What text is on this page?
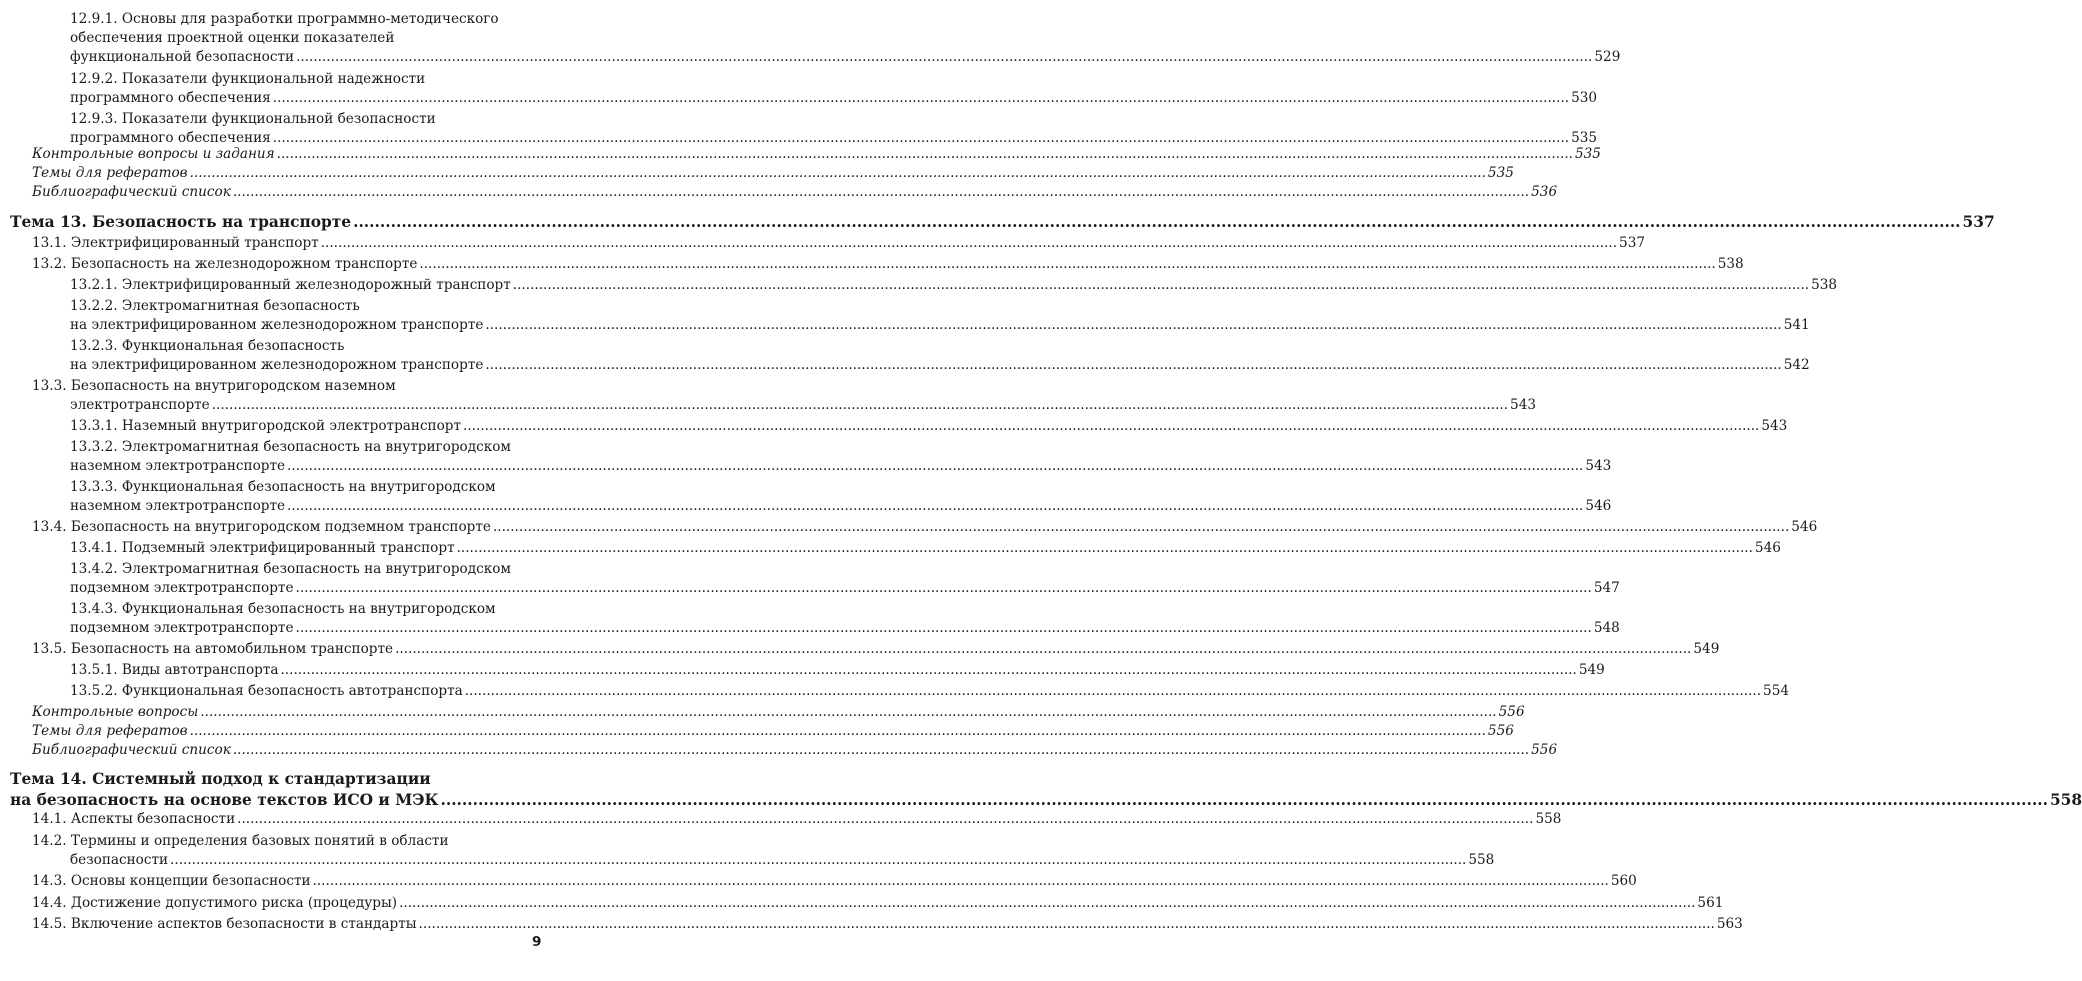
12.9.1. Основы для разработки программно-методического
обеспечения проектной оценки показателей
функциональной безопасности ............................................................................................................................................................................................................................................................................................................ 529
12.9.2. Показатели функциональной надежности
программного обеспечения ............................................................................................................................................................................................................................................................................................................ 530
12.9.3. Показатели функциональной безопасности
программного обеспечения ............................................................................................................................................................................................................................................................................................................ 535
Контрольные вопросы и задания ............................................................................................................................................................................................................................................................................................................ 535
Темы для рефератов ............................................................................................................................................................................................................................................................................................................ 535
Библиографический список ............................................................................................................................................................................................................................................................................................................ 536
Тема 13. Безопасность на транспорте ............................................................................................................................................................................................................................................................................................................ 537
13.1. Электрифицированный транспорт ............................................................................................................................................................................................................................................................................................................ 537
13.2. Безопасность на железнодорожном транспорте ............................................................................................................................................................................................................................................................................................................ 538
13.2.1. Электрифицированный железнодорожный транспорт ............................................................................................................................................................................................................................................................................................................ 538
13.2.2. Электромагнитная безопасность
на электрифицированном железнодорожном транспорте ............................................................................................................................................................................................................................................................................................................ 541
13.2.3. Функциональная безопасность
на электрифицированном железнодорожном транспорте ............................................................................................................................................................................................................................................................................................................ 542
13.3. Безопасность на внутригородском наземном
электротранспорте ............................................................................................................................................................................................................................................................................................................ 543
13.3.1. Наземный внутригородской электротранспорт ............................................................................................................................................................................................................................................................................................................ 543
13.3.2. Электромагнитная безопасность на внутригородском
наземном электротранспорте ............................................................................................................................................................................................................................................................................................................ 543
13.3.3. Функциональная безопасность на внутригородском
наземном электротранспорте ............................................................................................................................................................................................................................................................................................................ 546
13.4. Безопасность на внутригородском подземном транспорте ............................................................................................................................................................................................................................................................................................................ 546
13.4.1. Подземный электрифицированный транспорт ............................................................................................................................................................................................................................................................................................................ 546
13.4.2. Электромагнитная безопасность на внутригородском
подземном электротранспорте ............................................................................................................................................................................................................................................................................................................ 547
13.4.3. Функциональная безопасность на внутригородском
подземном электротранспорте ............................................................................................................................................................................................................................................................................................................ 548
13.5. Безопасность на автомобильном транспорте ............................................................................................................................................................................................................................................................................................................ 549
13.5.1. Виды автотранспорта ............................................................................................................................................................................................................................................................................................................ 549
13.5.2. Функциональная безопасность автотранспорта ............................................................................................................................................................................................................................................................................................................ 554
Контрольные вопросы ............................................................................................................................................................................................................................................................................................................ 556
Темы для рефератов ............................................................................................................................................................................................................................................................................................................ 556
Библиографический список ............................................................................................................................................................................................................................................................................................................ 556
Тема 14. Системный подход к стандартизации
на безопасность на основе текстов ИСО и МЭК ............................................................................................................................................................................................................................................................................................................ 558
14.1. Аспекты безопасности ............................................................................................................................................................................................................................................................................................................ 558
14.2. Термины и определения базовых понятий в области
безопасности ............................................................................................................................................................................................................................................................................................................ 558
14.3. Основы концепции безопасности ............................................................................................................................................................................................................................................................................................................ 560
14.4. Достижение допустимого риска (процедуры) ............................................................................................................................................................................................................................................................................................................ 561
14.5. Включение аспектов безопасности в стандарты ............................................................................................................................................................................................................................................................................................................ 563
9
